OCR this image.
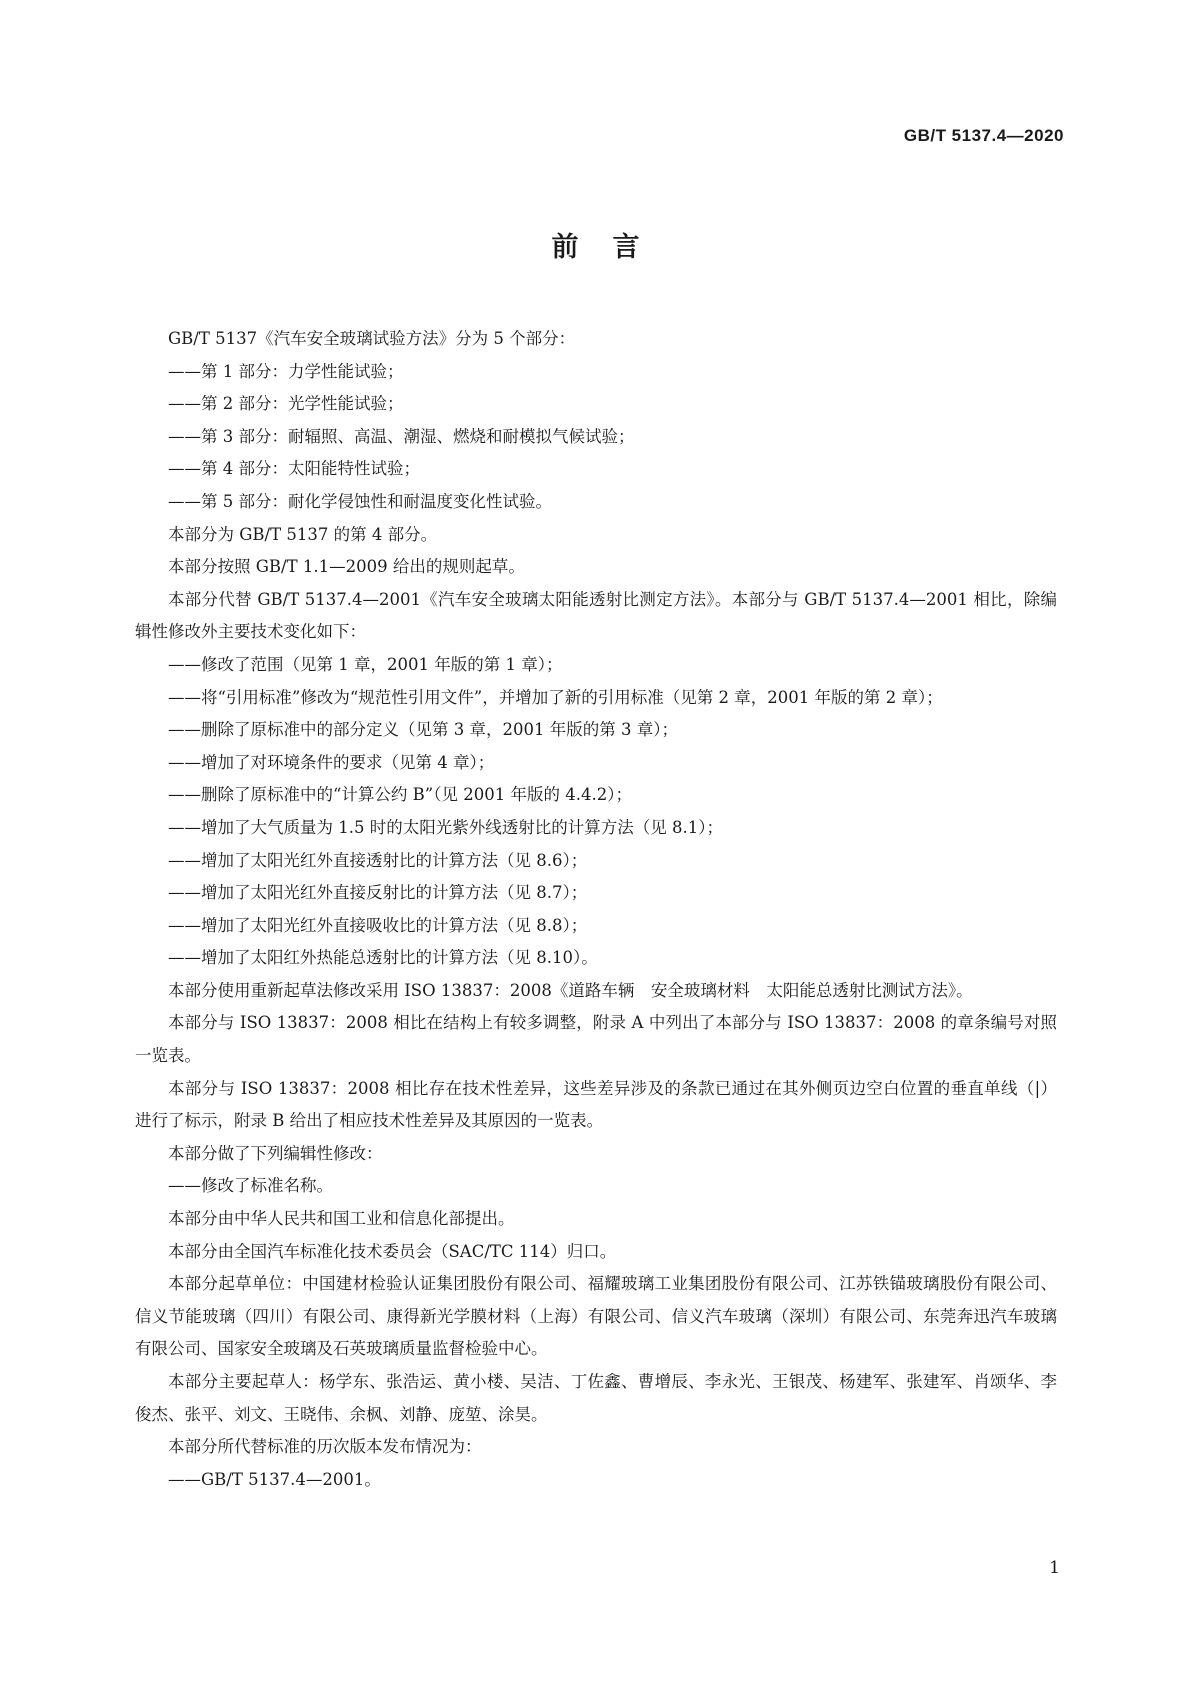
GB/T 5137.4—2020
前言

GB/T 5137《汽车安全玻璃试验方法》分为 5 个部分：

——第 1 部分：力学性能试验；

——第 2 部分：光学性能试验；

——第 3 部分：耐辐照、高温、潮湿、燃烧和耐模拟气候试验；

——第 4 部分：太阳能特性试验；

——第 5 部分：耐化学侵蚀性和耐温度变化性试验。

本部分为 GB/T 5137 的第 4 部分。

本部分按照 GB/T 1.1—2009 给出的规则起草。

本部分代替 GB/T 5137.4—2001《汽车安全玻璃太阳能透射比测定方法》。本部分与 GB/T 5137.4—2001 相比，除编辑性修改外主要技术变化如下：

——修改了范围（见第 1 章，2001 年版的第 1 章）；

——将“引用标准”修改为“规范性引用文件”，并增加了新的引用标准（见第 2 章，2001 年版的第 2 章）；

——删除了原标准中的部分定义（见第 3 章，2001 年版的第 3 章）；

——增加了对环境条件的要求（见第 4 章）；

——删除了原标准中的“计算公约 B”（见 2001 年版的 4.4.2）；

——增加了大气质量为 1.5 时的太阳光紫外线透射比的计算方法（见 8.1）；

——增加了太阳光红外直接透射比的计算方法（见 8.6）；

——增加了太阳光红外直接反射比的计算方法（见 8.7）；

——增加了太阳光红外直接吸收比的计算方法（见 8.8）；

——增加了太阳红外热能总透射比的计算方法（见 8.10）。

本部分使用重新起草法修改采用 ISO 13837：2008《道路车辆　安全玻璃材料　太阳能总透射比测试方法》。

本部分与 ISO 13837：2008 相比在结构上有较多调整，附录 A 中列出了本部分与 ISO 13837：2008 的章条编号对照一览表。

本部分与 ISO 13837：2008 相比存在技术性差异，这些差异涉及的条款已通过在其外侧页边空白位置的垂直单线（|）进行了标示，附录 B 给出了相应技术性差异及其原因的一览表。

本部分做了下列编辑性修改：

——修改了标准名称。

本部分由中华人民共和国工业和信息化部提出。

本部分由全国汽车标准化技术委员会（SAC/TC 114）归口。

本部分起草单位：中国建材检验认证集团股份有限公司、福耀玻璃工业集团股份有限公司、江苏铁锚玻璃股份有限公司、信义节能玻璃（四川）有限公司、康得新光学膜材料（上海）有限公司、信义汽车玻璃（深圳）有限公司、东莞奔迅汽车玻璃有限公司、国家安全玻璃及石英玻璃质量监督检验中心。

本部分主要起草人：杨学东、张浩运、黄小楼、吴洁、丁佐鑫、曹增辰、李永光、王银茂、杨建军、张建军、肖颂华、李俊杰、张平、刘文、王晓伟、余枫、刘静、庞堃、涂昊。

本部分所代替标准的历次版本发布情况为：

——GB/T 5137.4—2001。

1
